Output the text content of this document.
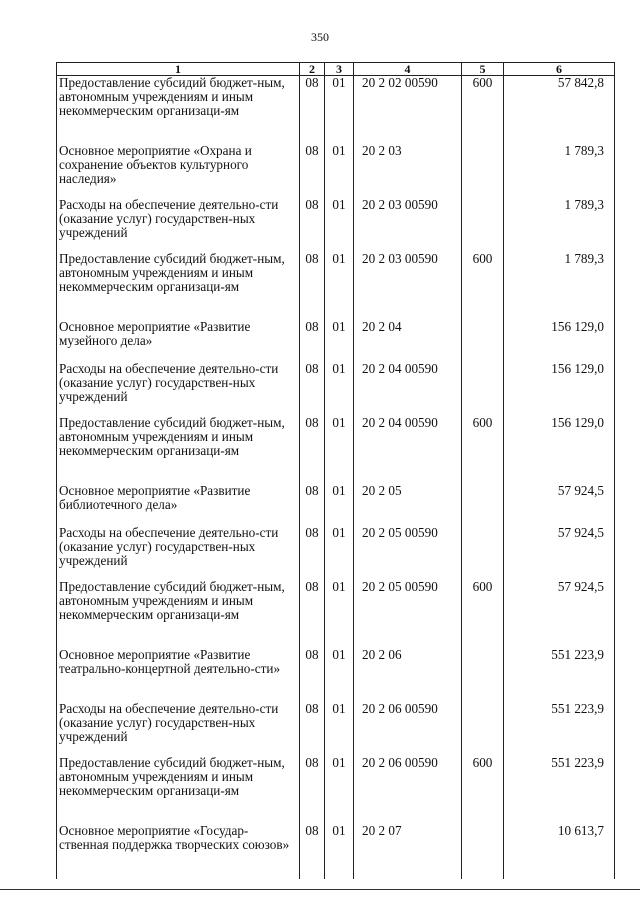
350
1	2	3	4	5	6
Предоставление субсидий бюджет-ным, автономным учреждениям и иным некоммерческим организаци-ям	08	01	20 2 02 00590	600	57 842,8
Основное мероприятие «Охрана и сохранение объектов культурного наследия»	08	01	20 2 03		1 789,3
Расходы на обеспечение деятельно-сти (оказание услуг) государствен-ных учреждений	08	01	20 2 03 00590		1 789,3
Предоставление субсидий бюджет-ным, автономным учреждениям и иным некоммерческим организаци-ям	08	01	20 2 03 00590	600	1 789,3
Основное мероприятие «Развитие музейного дела»	08	01	20 2 04		156 129,0
Расходы на обеспечение деятельно-сти (оказание услуг) государствен-ных учреждений	08	01	20 2 04 00590		156 129,0
Предоставление субсидий бюджет-ным, автономным учреждениям и иным некоммерческим организаци-ям	08	01	20 2 04 00590	600	156 129,0
Основное мероприятие «Развитие библиотечного дела»	08	01	20 2 05		57 924,5
Расходы на обеспечение деятельно-сти (оказание услуг) государствен-ных учреждений	08	01	20 2 05 00590		57 924,5
Предоставление субсидий бюджет-ным, автономным учреждениям и иным некоммерческим организаци-ям	08	01	20 2 05 00590	600	57 924,5
Основное мероприятие «Развитие театрально-концертной деятельно-сти»	08	01	20 2 06		551 223,9
Расходы на обеспечение деятельно-сти (оказание услуг) государствен-ных учреждений	08	01	20 2 06 00590		551 223,9
Предоставление субсидий бюджет-ным, автономным учреждениям и иным некоммерческим организаци-ям	08	01	20 2 06 00590	600	551 223,9
Основное мероприятие «Государ-ственная поддержка творческих союзов»	08	01	20 2 07		10 613,7
